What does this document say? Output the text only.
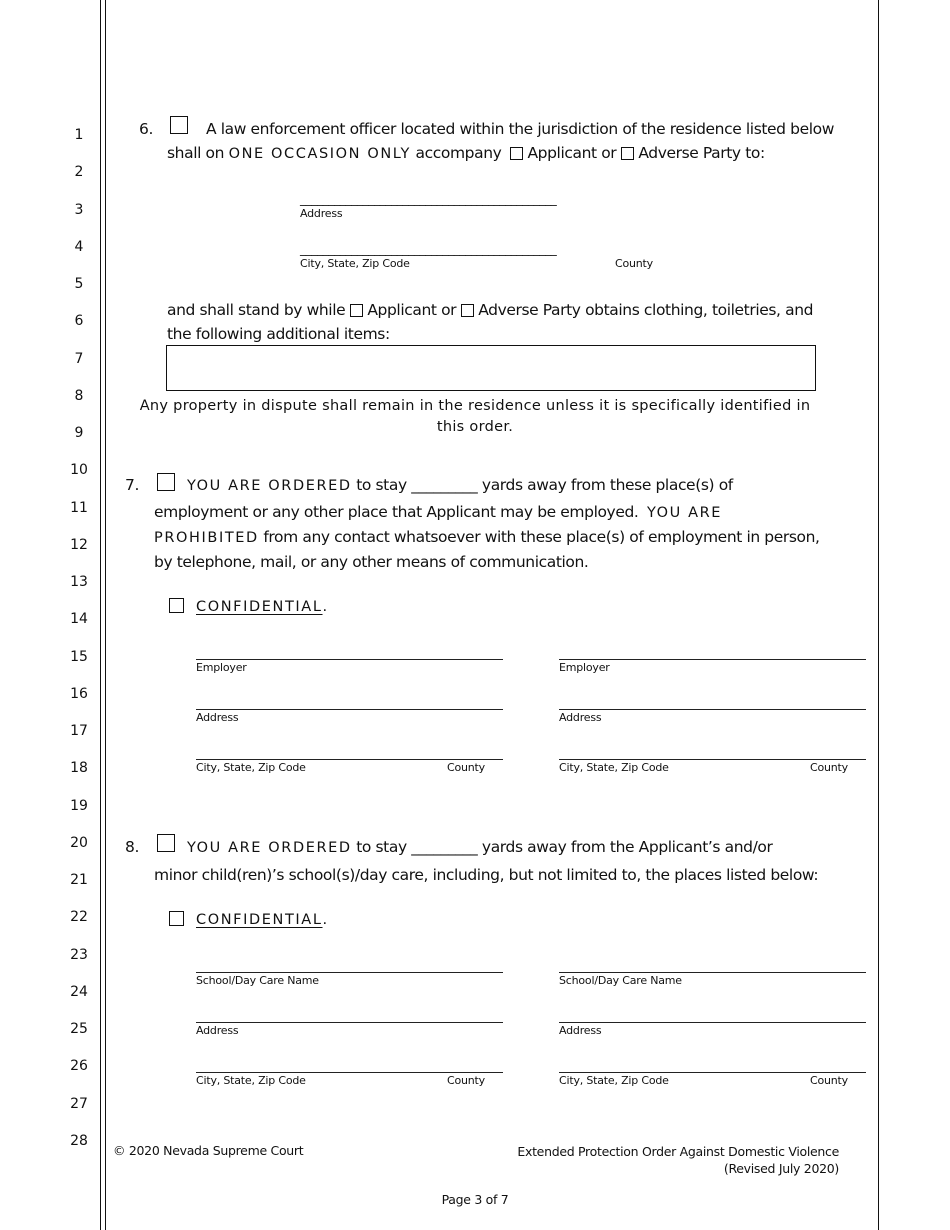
1
2
3
4
5
6
7
8
9
10
11
12
13
14
15
16
17
18
19
20
21
22
23
24
25
26
27
28
6.	A law enforcement officer located within the jurisdiction of the residence listed below
shall on ONE OCCASION ONLY accompany Applicant or Adverse Party to:
_____________________________________________
Address
_____________________________________________
City, State, Zip Code	County
and shall stand by while Applicant or Adverse Party obtains clothing, toiletries, and
the following additional items:
Any property in dispute shall remain in the residence unless it is specifically identified in
this order.
7.	YOU ARE ORDERED to stay _________ yards away from these place(s) of
employment or any other place that Applicant may be employed. YOU ARE
PROHIBITED from any contact whatsoever with these place(s) of employment in person,
by telephone, mail, or any other means of communication.
CONFIDENTIAL.
Employer
Address
City, State, Zip Code	County
Employer
Address
City, State, Zip Code	County
8.	YOU ARE ORDERED to stay _________ yards away from the Applicant’s and/or
minor child(ren)’s school(s)/day care, including, but not limited to, the places listed below:
CONFIDENTIAL.
School/Day Care Name
Address
City, State, Zip Code	County
School/Day Care Name
Address
City, State, Zip Code	County
© 2020 Nevada Supreme Court	Extended Protection Order Against Domestic Violence
(Revised July 2020)
Page 3 of 7
